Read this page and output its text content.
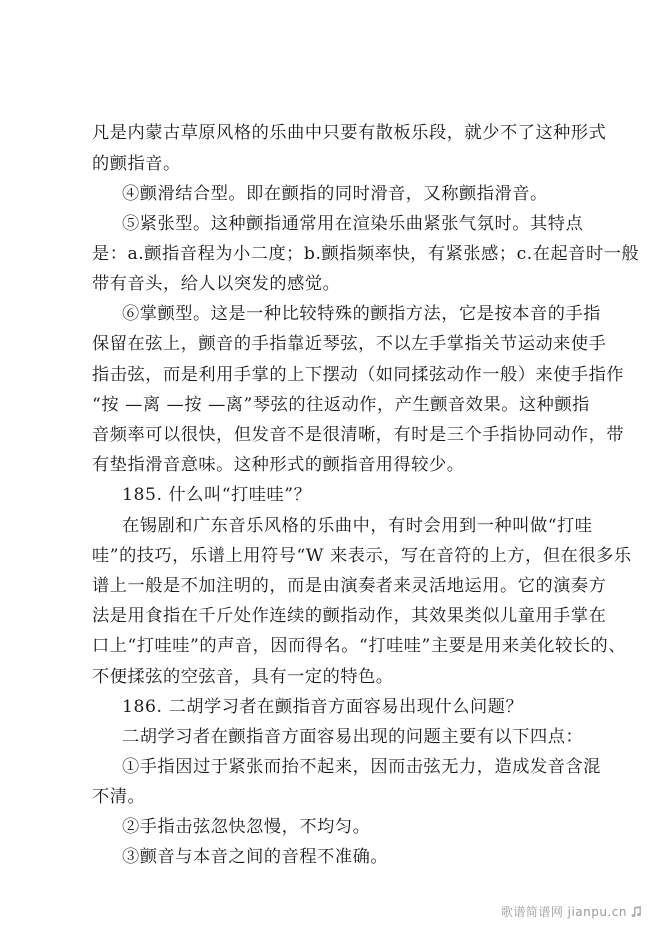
凡是内蒙古草原风格的乐曲中只要有散板乐段，就少不了这种形式
的颤指音。
④颤滑结合型。即在颤指的同时滑音，又称颤指滑音。
⑤紧张型。这种颤指通常用在渲染乐曲紧张气氛时。其特点
是：a.颤指音程为小二度；b.颤指频率快，有紧张感；c.在起音时一般
带有音头，给人以突发的感觉。
⑥掌颤型。这是一种比较特殊的颤指方法，它是按本音的手指
保留在弦上，颤音的手指靠近琴弦，不以左手掌指关节运动来使手
指击弦，而是利用手掌的上下摆动（如同揉弦动作一般）来使手指作
“按 —离 —按 —离”琴弦的往返动作，产生颤音效果。这种颤指
音频率可以很快，但发音不是很清晰，有时是三个手指协同动作，带
有垫指滑音意味。这种形式的颤指音用得较少。
185. 什么叫“打哇哇”？
在锡剧和广东音乐风格的乐曲中，有时会用到一种叫做“打哇
哇”的技巧，乐谱上用符号“W 来表示，写在音符的上方，但在很多乐
谱上一般是不加注明的，而是由演奏者来灵活地运用。它的演奏方
法是用食指在千斤处作连续的颤指动作，其效果类似儿童用手掌在
口上“打哇哇”的声音，因而得名。“打哇哇”主要是用来美化较长的、
不便揉弦的空弦音，具有一定的特色。
186. 二胡学习者在颤指音方面容易出现什么问题？
二胡学习者在颤指音方面容易出现的问题主要有以下四点：
①手指因过于紧张而抬不起来，因而击弦无力，造成发音含混
不清。
②手指击弦忽快忽慢，不均匀。
③颤音与本音之间的音程不准确。
歌谱简谱网 jianpu.cn
